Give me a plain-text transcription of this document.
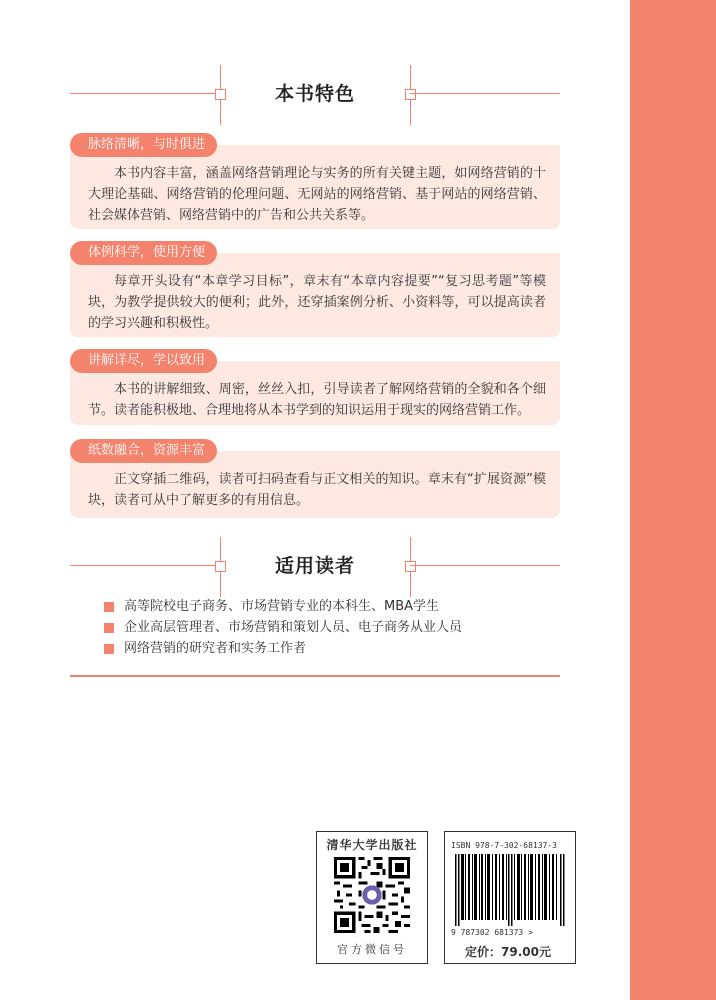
本书特色
脉络清晰，与时俱进
本书内容丰富，涵盖网络营销理论与实务的所有关键主题，如网络营销的十大理论基础、网络营销的伦理问题、无网站的网络营销、基于网站的网络营销、社会媒体营销、网络营销中的广告和公共关系等。
体例科学，使用方便
每章开头设有“本章学习目标”，章末有“本章内容提要”“复习思考题”等模块，为教学提供较大的便利；此外，还穿插案例分析、小资料等，可以提高读者的学习兴趣和积极性。
讲解详尽，学以致用
本书的讲解细致、周密，丝丝入扣，引导读者了解网络营销的全貌和各个细节。读者能积极地、合理地将从本书学到的知识运用于现实的网络营销工作。
纸数融合，资源丰富
正文穿插二维码，读者可扫码查看与正文相关的知识。章末有“扩展资源”模块，读者可从中了解更多的有用信息。
适用读者
高等院校电子商务、市场营销专业的本科生、MBA学生
企业高层管理者、市场营销和策划人员、电子商务从业人员
网络营销的研究者和实务工作者
清华大学出版社
官方微信号
ISBN 978-7-302-68137-3
9 787302 681373 >
定价：79.00元
